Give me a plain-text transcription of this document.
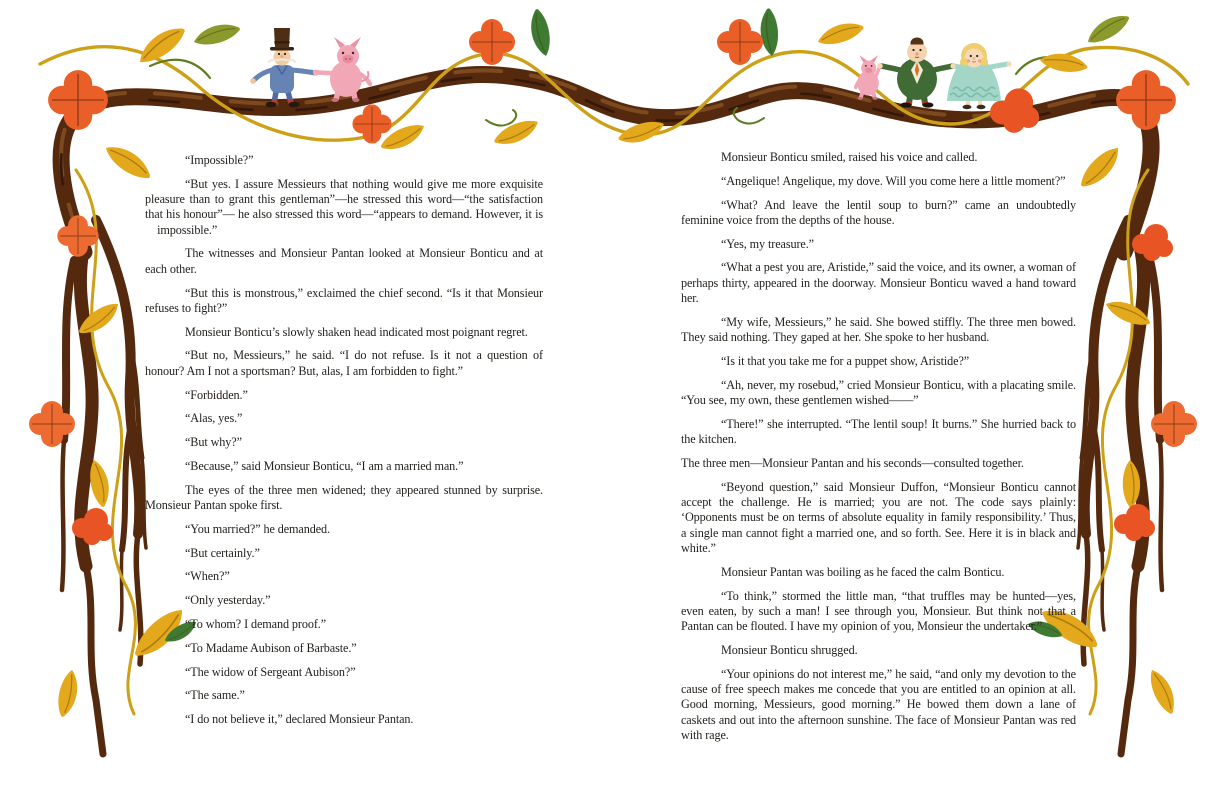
“Impossible?”

“But yes. I assure Messieurs that nothing would give me more exquisite pleasure than to grant this gentleman”—he stressed this word—“the satisfaction that his honour”— he also stressed this word—“appears to demand. However, it is  impossible.”

The witnesses and Monsieur Pantan looked at Monsieur Bonticu and at each other.

“But this is monstrous,” exclaimed the chief second. “Is it that Monsieur refuses to fight?”

Monsieur Bonticu’s slowly shaken head indicated most poignant regret.

“But no, Messieurs,” he said. “I do not refuse. Is it not a question of honour? Am I not a sportsman? But, alas, I am forbidden to fight.”

“Forbidden.”

“Alas, yes.”

“But why?”

“Because,” said Monsieur Bonticu, “I am a married man.”

The eyes of the three men widened; they appeared stunned by surprise. Monsieur Pantan spoke first.

“You married?” he demanded.

“But certainly.”

“When?”

“Only yesterday.”

“To whom? I demand proof.”

“To Madame Aubison of Barbaste.”

“The widow of Sergeant Aubison?”

“The same.”

“I do not believe it,” declared Monsieur Pantan.

Monsieur Bonticu smiled, raised his voice and called.

“Angelique! Angelique, my dove. Will you come here a little moment?”

“What? And leave the lentil soup to burn?” came an undoubtedly feminine voice from the depths of the house.

“Yes, my treasure.”

“What a pest you are, Aristide,” said the voice, and its owner, a woman of perhaps thirty, appeared in the doorway. Monsieur Bonticu waved a hand toward her.

“My wife, Messieurs,” he said. She bowed stiffly. The three men bowed. They said nothing. They gaped at her. She spoke to her husband.

“Is it that you take me for a puppet show, Aristide?”

“Ah, never, my rosebud,” cried Monsieur Bonticu, with a placating smile. “You see, my own, these gentlemen wished——”

“There!” she interrupted. “The lentil soup! It burns.” She hurried back to the kitchen.

The three men—Monsieur Pantan and his seconds—consulted together.

“Beyond question,” said Monsieur Duffon, “Monsieur Bonticu cannot accept the challenge. He is married; you are not. The code says plainly: ‘Opponents must be on terms of absolute equality in family responsibility.’ Thus, a single man cannot fight a married one, and so forth. See. Here it is in black and white.”

Monsieur Pantan was boiling as he faced the calm Bonticu.

“To think,” stormed the little man, “that truffles may be hunted—yes, even eaten, by such a man! I see through you, Monsieur. But think not that a Pantan can be flouted. I have my opinion of you, Monsieur the undertaker.”

Monsieur Bonticu shrugged.

“Your opinions do not interest me,” he said, “and only my devotion to the cause of free speech makes me concede that you are entitled to an opinion at all. Good morning, Messieurs, good morning.” He bowed them down a lane of caskets and out into the afternoon sunshine. The face of Monsieur Pantan was red with rage.
